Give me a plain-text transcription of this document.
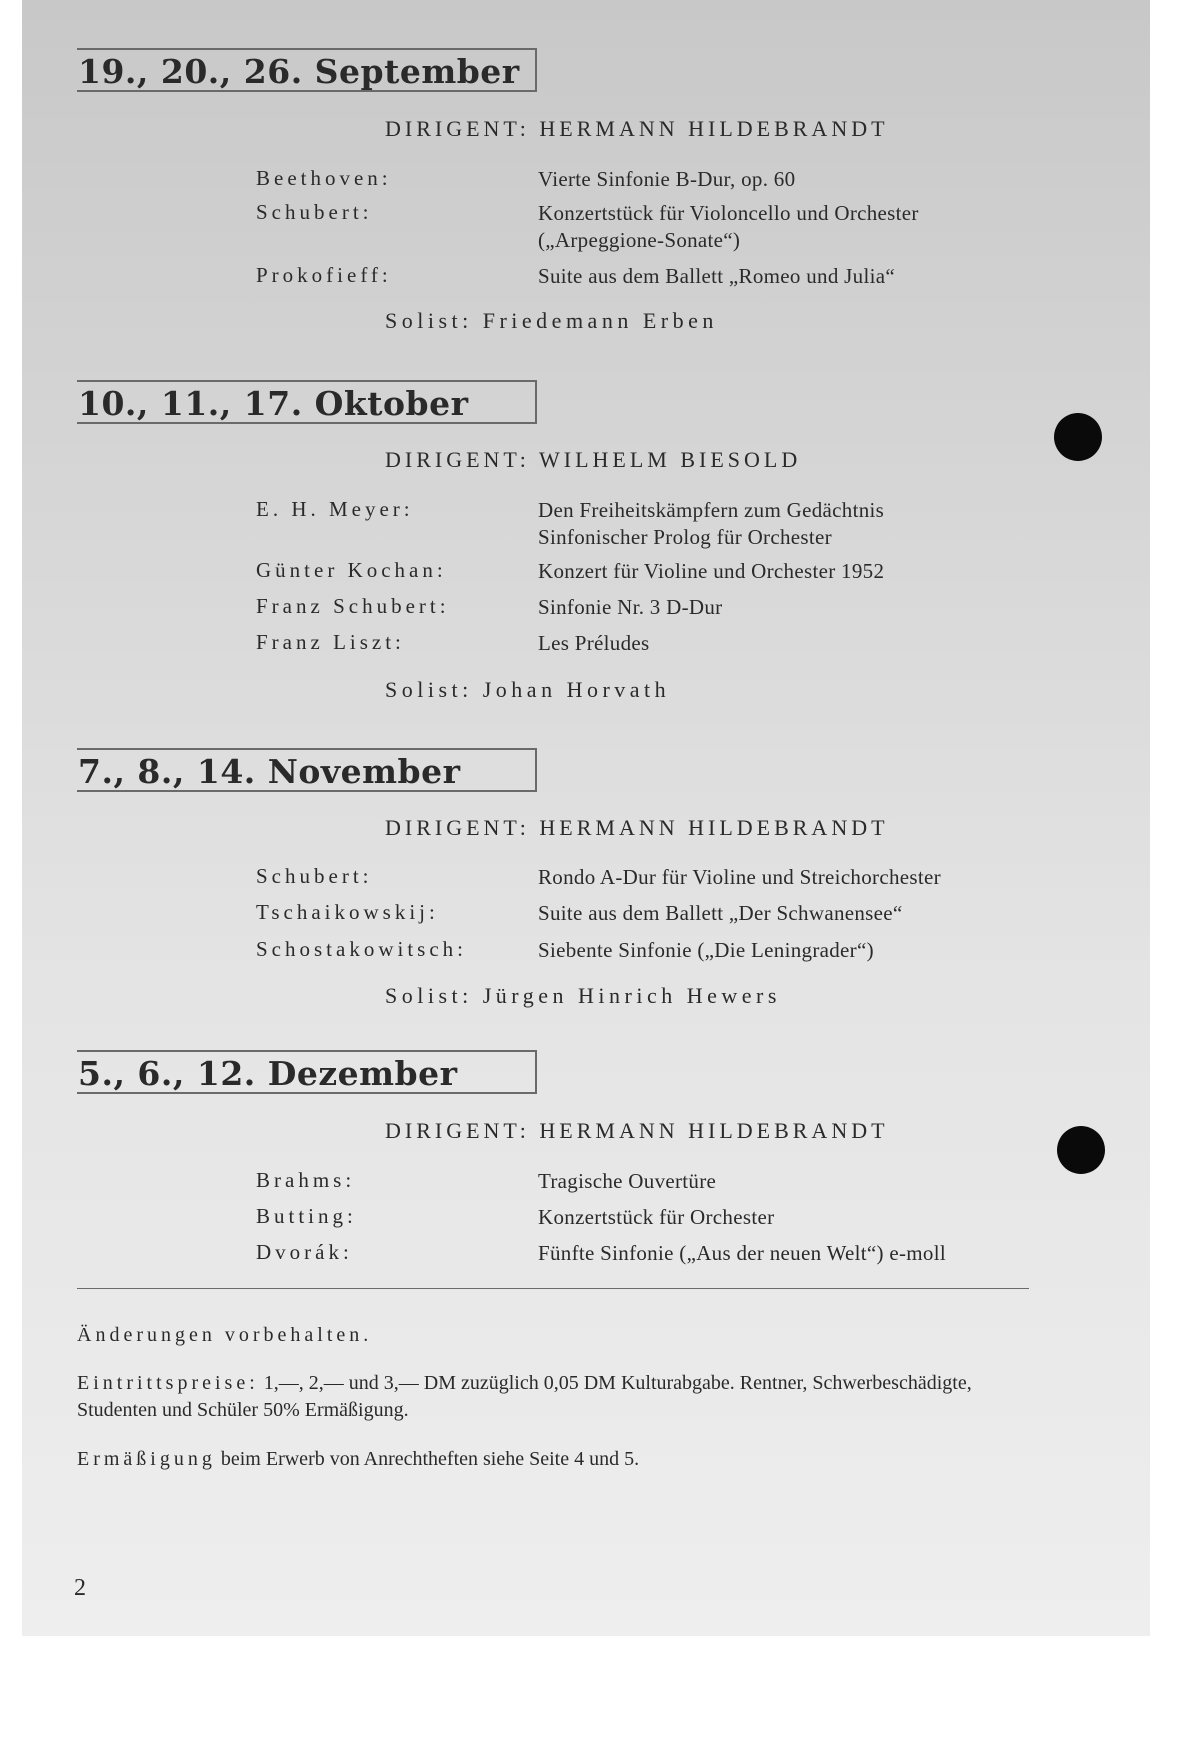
19., 20., 26. September

DIRIGENT: HERMANN HILDEBRANDT

Beethoven:	Vierte Sinfonie B-Dur, op. 60
Schubert:	Konzertstück für Violoncello und Orchester („Arpeggione-Sonate“)
Prokofieff:	Suite aus dem Ballett „Romeo und Julia“

Solist: Friedemann Erben

10., 11., 17. Oktober

DIRIGENT: WILHELM BIESOLD

E. H. Meyer:	Den Freiheitskämpfern zum Gedächtnis Sinfonischer Prolog für Orchester
Günter Kochan:	Konzert für Violine und Orchester 1952
Franz Schubert:	Sinfonie Nr. 3 D-Dur
Franz Liszt:	Les Préludes

Solist: Johan Horvath

7., 8., 14. November

DIRIGENT: HERMANN HILDEBRANDT

Schubert:	Rondo A-Dur für Violine und Streichorchester
Tschaikowskij:	Suite aus dem Ballett „Der Schwanensee“
Schostakowitsch:	Siebente Sinfonie („Die Leningrader“)

Solist: Jürgen Hinrich Hewers

5., 6., 12. Dezember

DIRIGENT: HERMANN HILDEBRANDT

Brahms:	Tragische Ouvertüre
Butting:	Konzertstück für Orchester
Dvorák:	Fünfte Sinfonie („Aus der neuen Welt“) e-moll

Änderungen vorbehalten.

Eintrittspreise: 1,—, 2,— und 3,— DM zuzüglich 0,05 DM Kulturabgabe. Rentner, Schwerbeschädigte, Studenten und Schüler 50% Ermäßigung.

Ermäßigung beim Erwerb von Anrechtheften siehe Seite 4 und 5.

2
